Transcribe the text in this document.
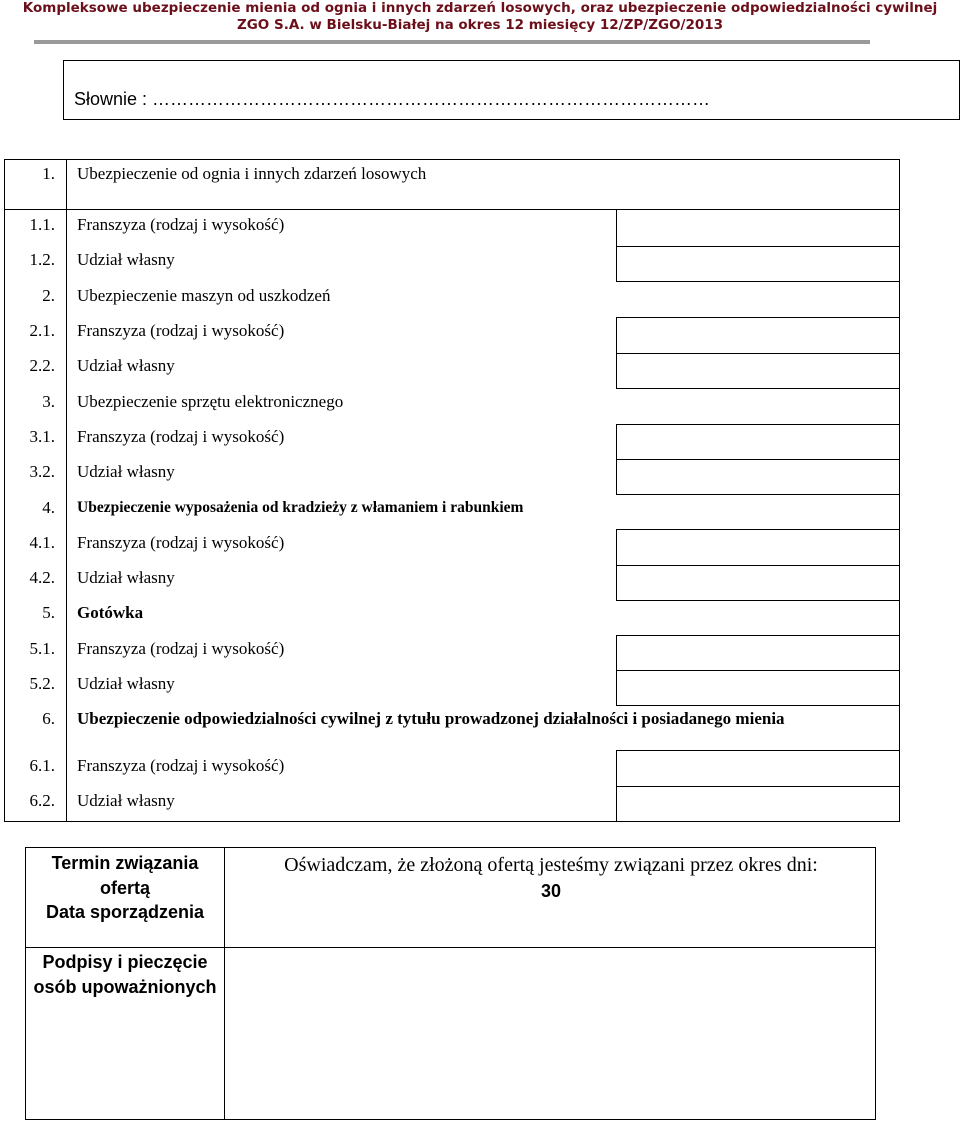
Kompleksowe ubezpieczenie mienia od ognia i innych zdarzeń losowych, oraz ubezpieczenie odpowiedzialności cywilnej
ZGO S.A. w Bielsku-Białej na okres 12 miesięcy 12/ZP/ZGO/2013
Słownie : …………………………………………………………………………………
1. Ubezpieczenie od ognia i innych zdarzeń losowych
1.1. Franszyza (rodzaj i wysokość)
1.2. Udział własny
2. Ubezpieczenie maszyn od uszkodzeń
2.1. Franszyza (rodzaj i wysokość)
2.2. Udział własny
3. Ubezpieczenie sprzętu elektronicznego
3.1. Franszyza (rodzaj i wysokość)
3.2. Udział własny
4. Ubezpieczenie wyposażenia od kradzieży z włamaniem i rabunkiem
4.1. Franszyza (rodzaj i wysokość)
4.2. Udział własny
5. Gotówka
5.1. Franszyza (rodzaj i wysokość)
5.2. Udział własny
6. Ubezpieczenie odpowiedzialności cywilnej z tytułu prowadzonej działalności i posiadanego mienia
6.1. Franszyza (rodzaj i wysokość)
6.2. Udział własny
Termin związania ofertą
Data sporządzenia
Podpisy i pieczęcie osób upoważnionych
Oświadczam, że złożoną ofertą jesteśmy związani przez okres dni:
30
